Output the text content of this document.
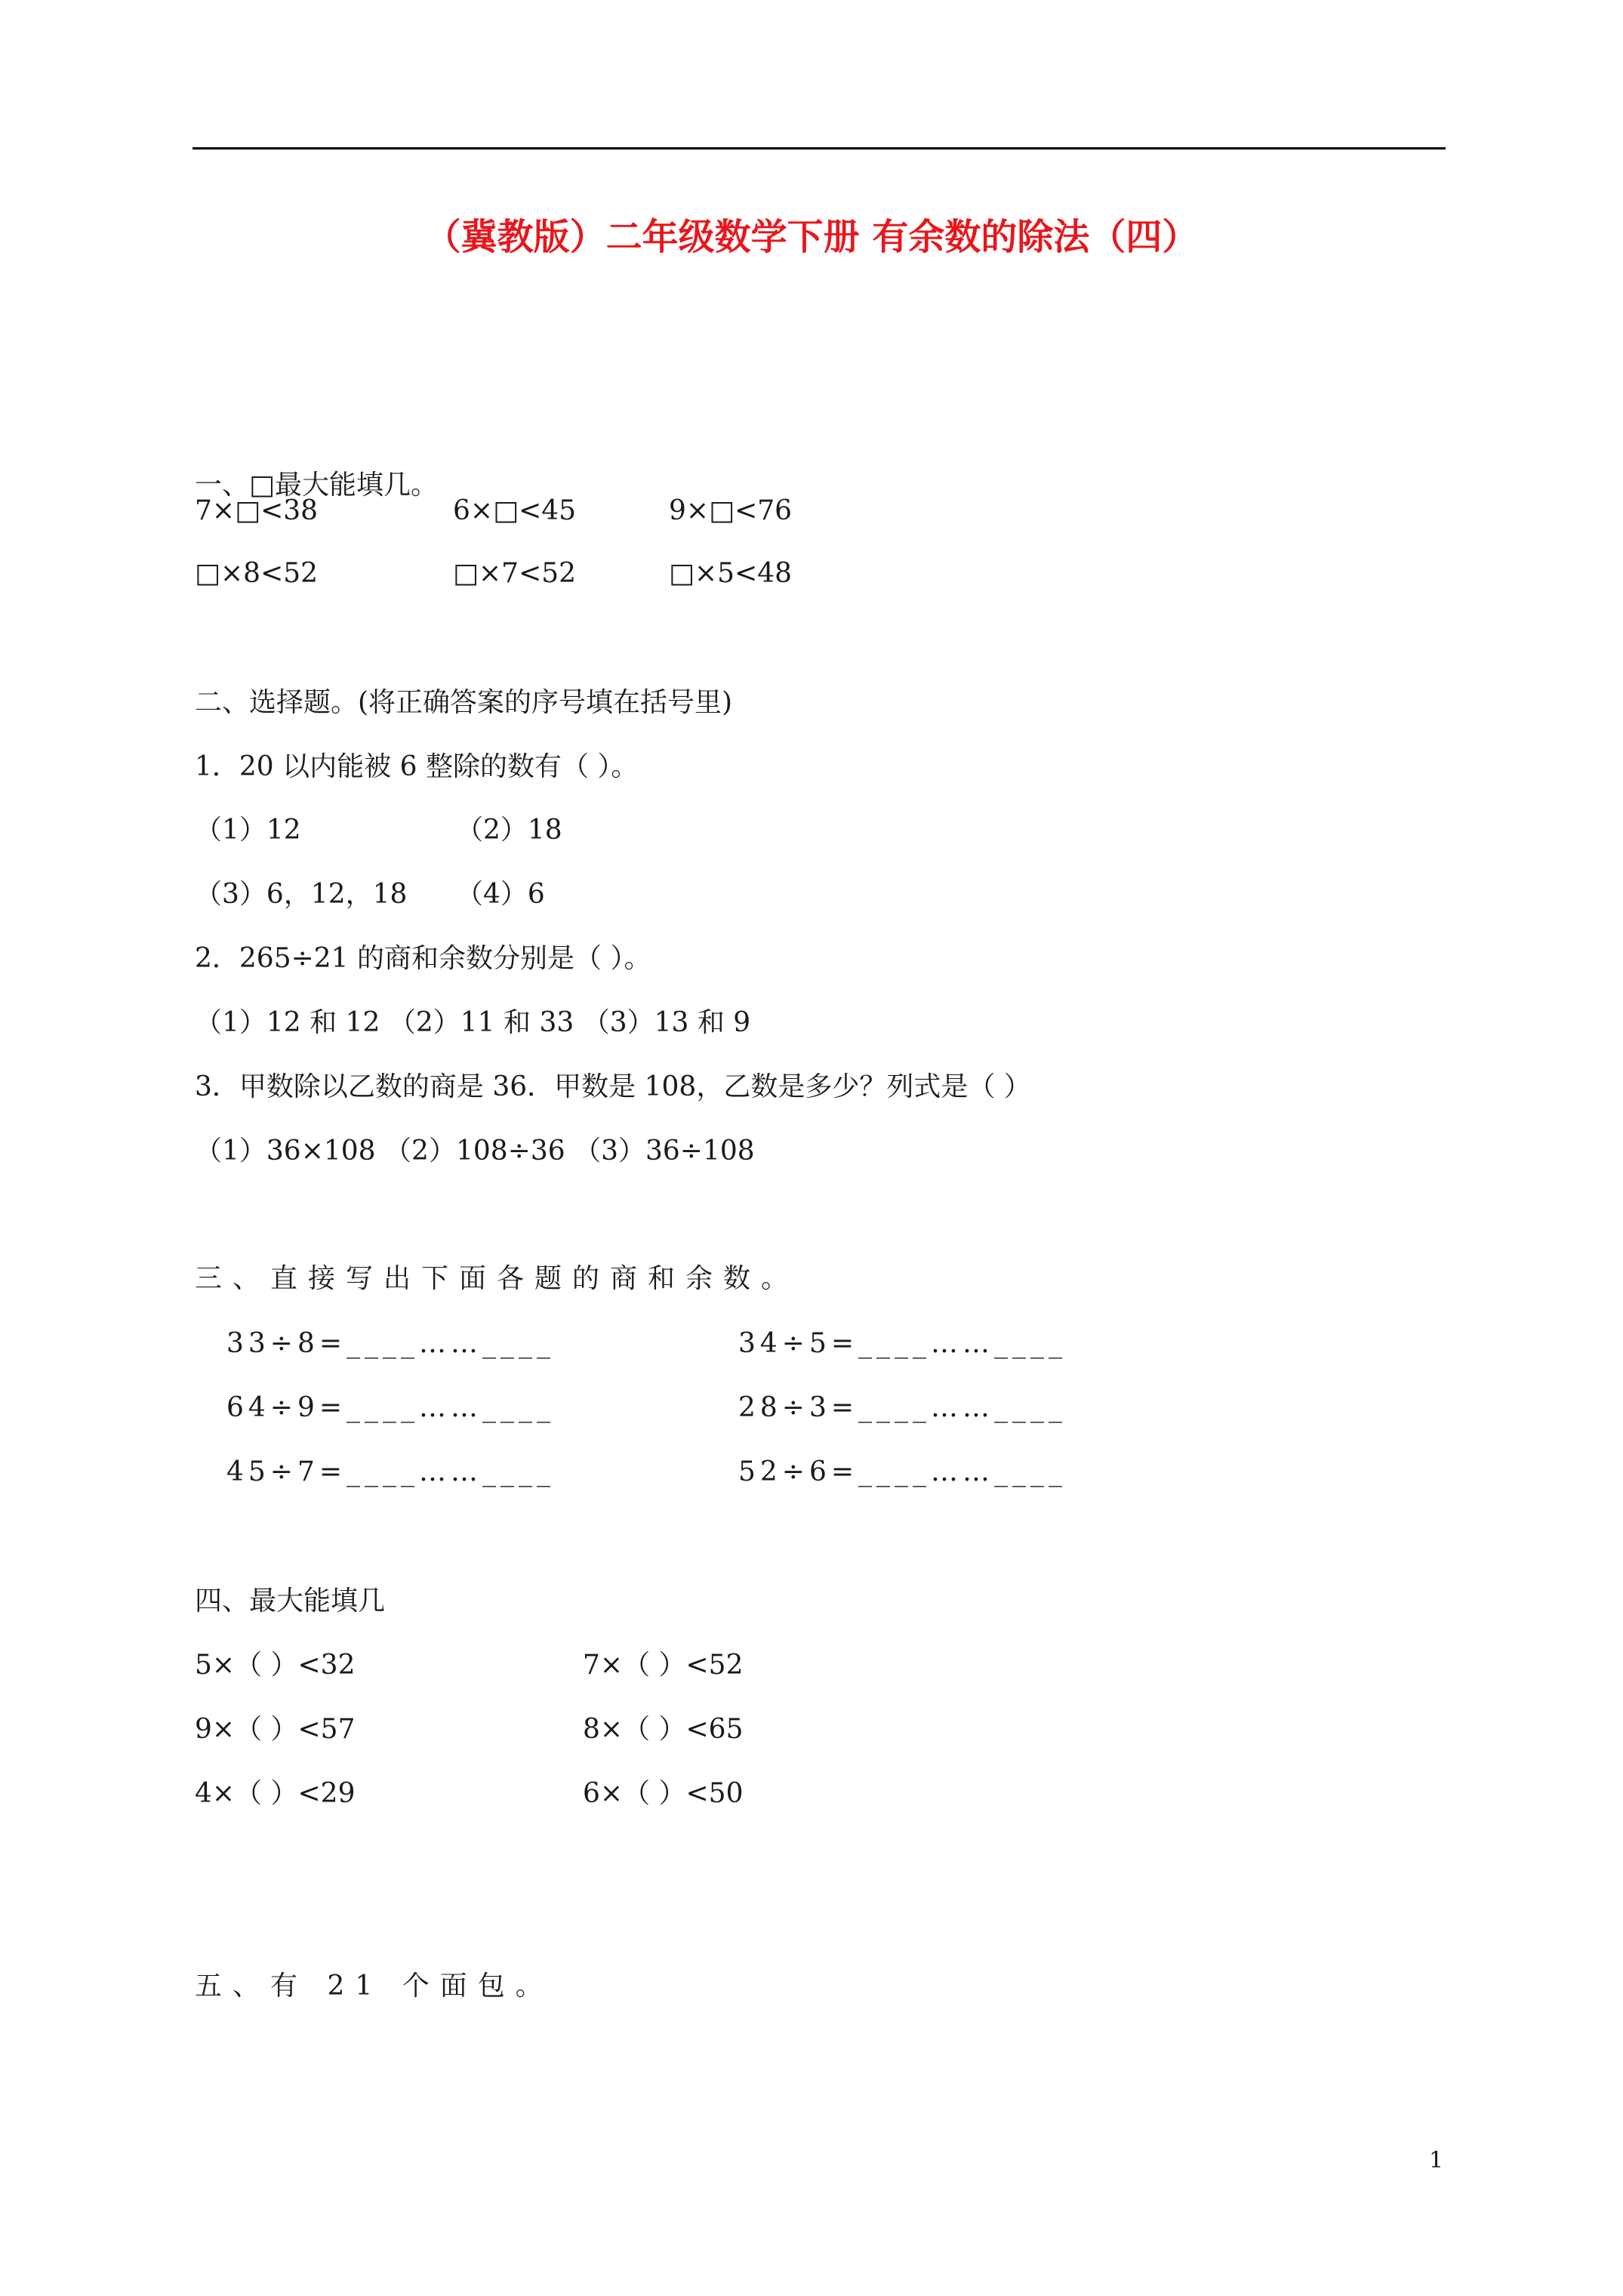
（冀教版）二年级数学下册 有余数的除法（四）
一、□最大能填几。
7×□<38	6×□<45	9×□<76
□×8<52	□×7<52	□×5<48
二、选择题。(将正确答案的序号填在括号里)
1．20 以内能被 6 整除的数有（ ）。
（1）12	（2）18
（3）6，12，18 （4）6
2．265÷21 的商和余数分别是（ ）。
（1）12 和 12 （2）11 和 33 （3）13 和 9
3．甲数除以乙数的商是 36．甲数是 108，乙数是多少？列式是（ ）
（1）36×108 （2）108÷36 （3）36÷108
三、直接写出下面各题的商和余数。
33÷8=____……____	34÷5=____……____
64÷9=____……____	28÷3=____……____
45÷7=____……____	52÷6=____……____
四、最大能填几
5×（ ）<32	7×（ ）<52
9×（ ）<57	8×（ ）<65
4×（ ）<29	6×（ ）<50
五、有 21 个面包。
1
